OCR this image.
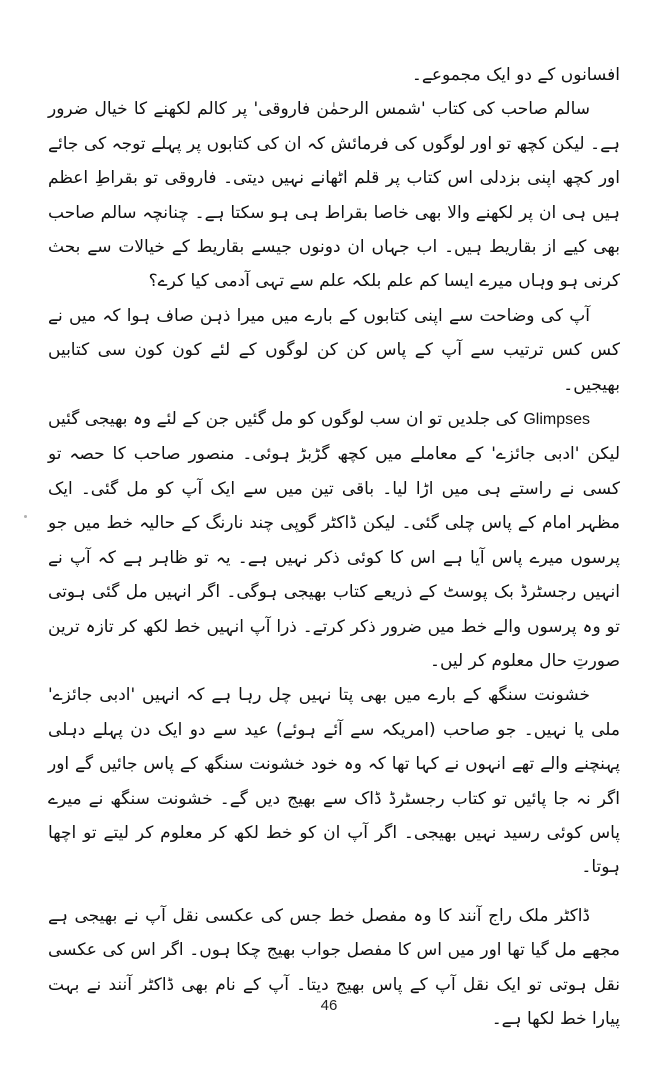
افسانوں کے دو ایک مجموعے۔

سالم صاحب کی کتاب 'شمس الرحمٰن فاروقی' پر کالم لکھنے کا خیال ضرور ہے۔ لیکن کچھ تو اور لوگوں کی فرمائش کہ ان کی کتابوں پر پہلے توجہ کی جائے اور کچھ اپنی بزدلی اس کتاب پر قلم اٹھانے نہیں دیتی۔ فاروقی تو بقراطِ اعظم ہیں ہی ان پر لکھنے والا بھی خاصا بقراط ہی ہو سکتا ہے۔ چنانچہ سالم صاحب بھی کیے از بقاریط ہیں۔ اب جہاں ان دونوں جیسے بقاریط کے خیالات سے بحث کرنی ہو وہاں میرے ایسا کم علم بلکہ علم سے تہی آدمی کیا کرے؟

آپ کی وضاحت سے اپنی کتابوں کے بارے میں میرا ذہن صاف ہوا کہ میں نے کس کس ترتیب سے آپ کے پاس کن کن لوگوں کے لئے کون کون سی کتابیں بھیجیں۔

Glimpses کی جلدیں تو ان سب لوگوں کو مل گئیں جن کے لئے وہ بھیجی گئیں لیکن 'ادبی جائزے' کے معاملے میں کچھ گڑبڑ ہوئی۔ منصور صاحب کا حصہ تو کسی نے راستے ہی میں اڑا لیا۔ باقی تین میں سے ایک آپ کو مل گئی۔ ایک مظہر امام کے پاس چلی گئی۔ لیکن ڈاکٹر گوپی چند نارنگ کے حالیہ خط میں جو پرسوں میرے پاس آیا ہے اس کا کوئی ذکر نہیں ہے۔ یہ تو ظاہر ہے کہ آپ نے انہیں رجسٹرڈ بک پوسٹ کے ذریعے کتاب بھیجی ہوگی۔ اگر انہیں مل گئی ہوتی تو وہ پرسوں والے خط میں ضرور ذکر کرتے۔ ذرا آپ انہیں خط لکھ کر تازہ ترین صورتِ حال معلوم کر لیں۔

خشونت سنگھ کے بارے میں بھی پتا نہیں چل رہا ہے کہ انہیں 'ادبی جائزے' ملی یا نہیں۔ جو صاحب (امریکہ سے آئے ہوئے) عید سے دو ایک دن پہلے دہلی پہنچنے والے تھے انہوں نے کہا تھا کہ وہ خود خشونت سنگھ کے پاس جائیں گے اور اگر نہ جا پائیں تو کتاب رجسٹرڈ ڈاک سے بھیج دیں گے۔ خشونت سنگھ نے میرے پاس کوئی رسید نہیں بھیجی۔ اگر آپ ان کو خط لکھ کر معلوم کر لیتے تو اچھا ہوتا۔

ڈاکٹر ملک راج آنند کا وہ مفصل خط جس کی عکسی نقل آپ نے بھیجی ہے مجھے مل گیا تھا اور میں اس کا مفصل جواب بھیج چکا ہوں۔ اگر اس کی عکسی نقل ہوتی تو ایک نقل آپ کے پاس بھیج دیتا۔ آپ کے نام بھی ڈاکٹر آنند نے بہت پیارا خط لکھا ہے۔

46
